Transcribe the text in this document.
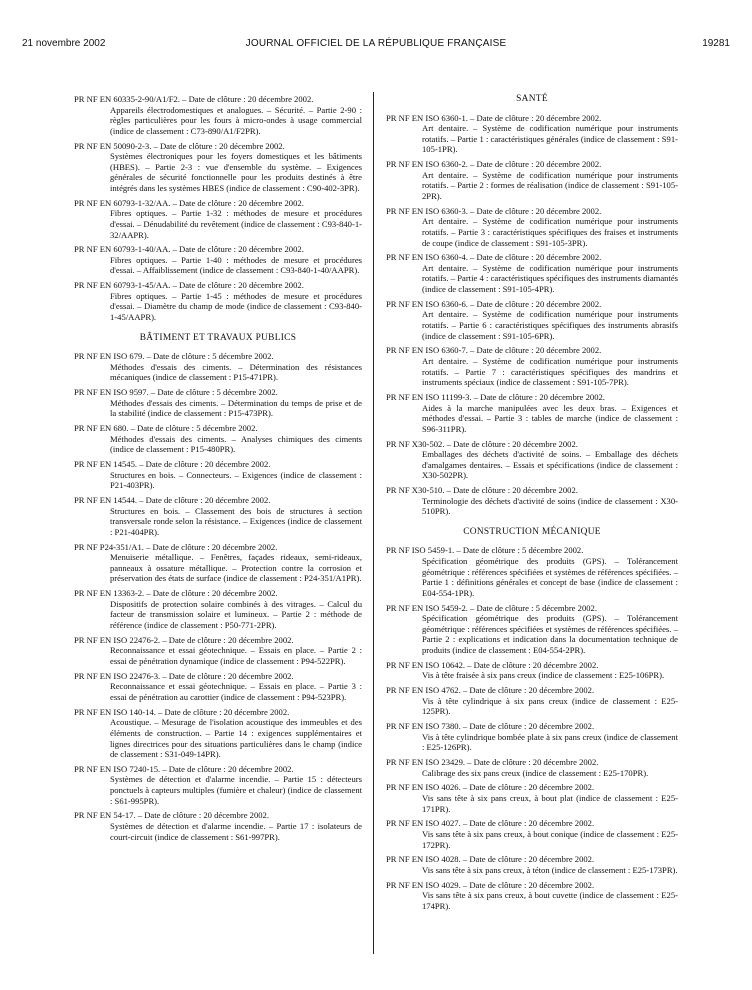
21 novembre 2002	JOURNAL OFFICIEL DE LA RÉPUBLIQUE FRANÇAISE	19281
PR NF EN 60335-2-90/A1/F2. – Date de clôture : 20 décembre 2002.
Appareils électrodomestiques et analogues. – Sécurité. – Partie 2-90 : règles particulières pour les fours à micro-ondes à usage commercial (indice de classement : C73-890/A1/F2PR).
PR NF EN 50090-2-3. – Date de clôture : 20 décembre 2002.
Systèmes électroniques pour les foyers domestiques et les bâtiments (HBES). – Partie 2-3 : vue d'ensemble du système. – Exigences générales de sécurité fonctionnelle pour les produits destinés à être intégrés dans les systèmes HBES (indice de classement : C90-402-3PR).
PR NF EN 60793-1-32/AA. – Date de clôture : 20 décembre 2002.
Fibres optiques. – Partie 1-32 : méthodes de mesure et procédures d'essai. – Dénudabilité du revêtement (indice de classement : C93-840-1-32/AAPR).
PR NF EN 60793-1-40/AA. – Date de clôture : 20 décembre 2002.
Fibres optiques. – Partie 1-40 : méthodes de mesure et procédures d'essai. – Affaiblissement (indice de classement : C93-840-1-40/AAPR).
PR NF EN 60793-1-45/AA. – Date de clôture : 20 décembre 2002.
Fibres optiques. – Partie 1-45 : méthodes de mesure et procédures d'essai. – Diamètre du champ de mode (indice de classement : C93-840-1-45/AAPR).
BÂTIMENT ET TRAVAUX PUBLICS
PR NF EN ISO 679. – Date de clôture : 5 décembre 2002.
Méthodes d'essais des ciments. – Détermination des résistances mécaniques (indice de classement : P15-471PR).
PR NF EN ISO 9597. – Date de clôture : 5 décembre 2002.
Méthodes d'essais des ciments. – Détermination du temps de prise et de la stabilité (indice de classement : P15-473PR).
PR NF EN 680. – Date de clôture : 5 décembre 2002.
Méthodes d'essais des ciments. – Analyses chimiques des ciments (indice de classement : P15-480PR).
PR NF EN 14545. – Date de clôture : 20 décembre 2002.
Structures en bois. – Connecteurs. – Exigences (indice de classement : P21-403PR).
PR NF EN 14544. – Date de clôture : 20 décembre 2002.
Structures en bois. – Classement des bois de structures à section transversale ronde selon la résistance. – Exigences (indice de classement : P21-404PR).
PR NF P24-351/A1. – Date de clôture : 20 décembre 2002.
Menuiserie métallique. – Fenêtres, façades rideaux, semi-rideaux, panneaux à ossature métallique. – Protection contre la corrosion et préservation des états de surface (indice de classement : P24-351/A1PR).
PR NF EN 13363-2. – Date de clôture : 20 décembre 2002.
Dispositifs de protection solaire combinés à des vitrages. – Calcul du facteur de transmission solaire et lumineux. – Partie 2 : méthode de référence (indice de classement : P50-771-2PR).
PR NF EN ISO 22476-2. – Date de clôture : 20 décembre 2002.
Reconnaissance et essai géotechnique. – Essais en place. – Partie 2 : essai de pénétration dynamique (indice de classement : P94-522PR).
PR NF EN ISO 22476-3. – Date de clôture : 20 décembre 2002.
Reconnaissance et essai géotechnique. – Essais en place. – Partie 3 : essai de pénétration au carottier (indice de classement : P94-523PR).
PR NF EN ISO 140-14. – Date de clôture : 20 décembre 2002.
Acoustique. – Mesurage de l'isolation acoustique des immeubles et des éléments de construction. – Partie 14 : exigences supplémentaires et lignes directrices pour des situations particulières dans le champ (indice de classement : S31-049-14PR).
PR NF EN ISO 7240-15. – Date de clôture : 20 décembre 2002.
Systèmes de détection et d'alarme incendie. – Partie 15 : détecteurs ponctuels à capteurs multiples (fumière et chaleur) (indice de classement : S61-995PR).
PR NF EN 54-17. – Date de clôture : 20 décembre 2002.
Systèmes de détection et d'alarme incendie. – Partie 17 : isolateurs de court-circuit (indice de classement : S61-997PR).
SANTÉ
PR NF EN ISO 6360-1. – Date de clôture : 20 décembre 2002.
Art dentaire. – Système de codification numérique pour instruments rotatifs. – Partie 1 : caractéristiques générales (indice de classement : S91-105-1PR).
PR NF EN ISO 6360-2. – Date de clôture : 20 décembre 2002.
Art dentaire. – Système de codification numérique pour instruments rotatifs. – Partie 2 : formes de réalisation (indice de classement : S91-105-2PR).
PR NF EN ISO 6360-3. – Date de clôture : 20 décembre 2002.
Art dentaire. – Système de codification numérique pour instruments rotatifs. – Partie 3 : caractéristiques spécifiques des fraises et instruments de coupe (indice de classement : S91-105-3PR).
PR NF EN ISO 6360-4. – Date de clôture : 20 décembre 2002.
Art dentaire. – Système de codification numérique pour instruments rotatifs. – Partie 4 : caractéristiques spécifiques des instruments diamantés (indice de classement : S91-105-4PR).
PR NF EN ISO 6360-6. – Date de clôture : 20 décembre 2002.
Art dentaire. – Système de codification numérique pour instruments rotatifs. – Partie 6 : caractéristiques spécifiques des instruments abrasifs (indice de classement : S91-105-6PR).
PR NF EN ISO 6360-7. – Date de clôture : 20 décembre 2002.
Art dentaire. – Système de codification numérique pour instruments rotatifs. – Partie 7 : caractéristiques spécifiques des mandrins et instruments spéciaux (indice de classement : S91-105-7PR).
PR NF EN ISO 11199-3. – Date de clôture : 20 décembre 2002.
Aides à la marche manipulées avec les deux bras. – Exigences et méthodes d'essai. – Partie 3 : tables de marche (indice de classement : S96-311PR).
PR NF X30-502. – Date de clôture : 20 décembre 2002.
Emballages des déchets d'activité de soins. – Emballage des déchets d'amalgames dentaires. – Essais et spécifications (indice de classement : X30-502PR).
PR NF X30-510. – Date de clôture : 20 décembre 2002.
Terminologie des déchets d'activité de soins (indice de classement : X30-510PR).
CONSTRUCTION MÉCANIQUE
PR NF ISO 5459-1. – Date de clôture : 5 décembre 2002.
Spécification géométrique des produits (GPS). – Tolérancement géométrique : références spécifiées et systèmes de références spécifiées. – Partie 1 : définitions générales et concept de base (indice de classement : E04-554-1PR).
PR NF EN ISO 5459-2. – Date de clôture : 5 décembre 2002.
Spécification géométrique des produits (GPS). – Tolérancement géométrique : références spécifiées et systèmes de références spécifiées. – Partie 2 : explications et indication dans la documentation technique de produits (indice de classement : E04-554-2PR).
PR NF EN ISO 10642. – Date de clôture : 20 décembre 2002.
Vis à tête fraisée à six pans creux (indice de classement : E25-106PR).
PR NF EN ISO 4762. – Date de clôture : 20 décembre 2002.
Vis à tête cylindrique à six pans creux (indice de classement : E25-125PR).
PR NF EN ISO 7380. – Date de clôture : 20 décembre 2002.
Vis à tête cylindrique bombée plate à six pans creux (indice de classement : E25-126PR).
PR NF EN ISO 23429. – Date de clôture : 20 décembre 2002.
Calibrage des six pans creux (indice de classement : E25-170PR).
PR NF EN ISO 4026. – Date de clôture : 20 décembre 2002.
Vis sans tête à six pans creux, à bout plat (indice de classement : E25-171PR).
PR NF EN ISO 4027. – Date de clôture : 20 décembre 2002.
Vis sans tête à six pans creux, à bout conique (indice de classement : E25-172PR).
PR NF EN ISO 4028. – Date de clôture : 20 décembre 2002.
Vis sans tête à six pans creux, à téton (indice de classement : E25-173PR).
PR NF EN ISO 4029. – Date de clôture : 20 décembre 2002.
Vis sans tête à six pans creux, à bout cuvette (indice de classement : E25-174PR).
